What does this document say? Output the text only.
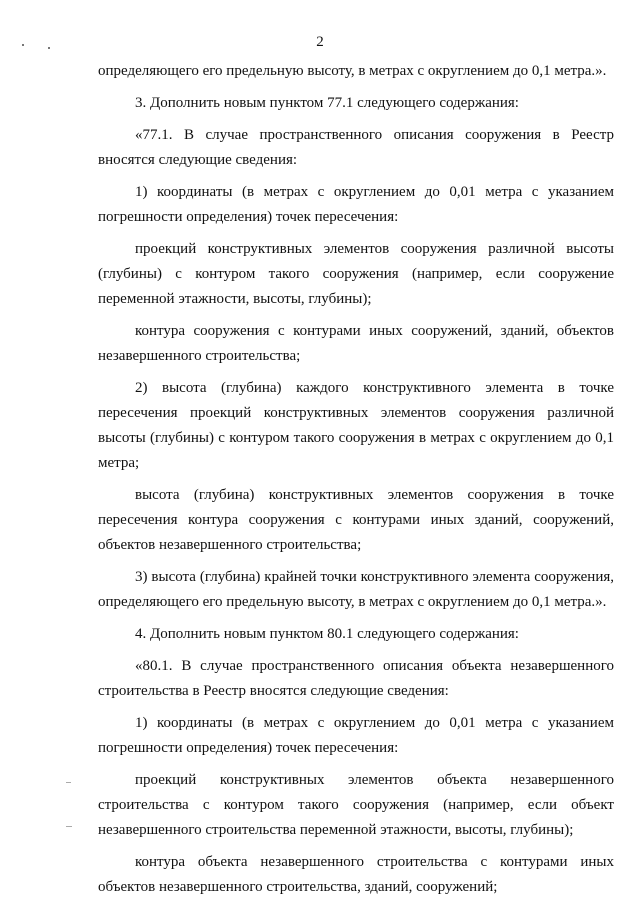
2

определяющего его предельную высоту, в метрах с округлением до 0,1 метра.».

3. Дополнить новым пунктом 77.1 следующего содержания:

«77.1. В случае пространственного описания сооружения в Реестр вносятся следующие сведения:

1) координаты (в метрах с округлением до 0,01 метра с указанием погрешности определения) точек пересечения:

проекций конструктивных элементов сооружения различной высоты (глубины) с контуром такого сооружения (например, если сооружение переменной этажности, высоты, глубины);

контура сооружения с контурами иных сооружений, зданий, объектов незавершенного строительства;

2) высота (глубина) каждого конструктивного элемента в точке пересечения проекций конструктивных элементов сооружения различной высоты (глубины) с контуром такого сооружения в метрах с округлением до 0,1 метра;

высота (глубина) конструктивных элементов сооружения в точке пересечения контура сооружения с контурами иных зданий, сооружений, объектов незавершенного строительства;

3) высота (глубина) крайней точки конструктивного элемента сооружения, определяющего его предельную высоту, в метрах с округлением до 0,1 метра.».

4. Дополнить новым пунктом 80.1 следующего содержания:

«80.1. В случае пространственного описания объекта незавершенного строительства в Реестр вносятся следующие сведения:

1) координаты (в метрах с округлением до 0,01 метра с указанием погрешности определения) точек пересечения:

проекций конструктивных элементов объекта незавершенного строительства с контуром такого сооружения (например, если объект незавершенного строительства переменной этажности, высоты, глубины);

контура объекта незавершенного строительства с контурами иных объектов незавершенного строительства, зданий, сооружений;
